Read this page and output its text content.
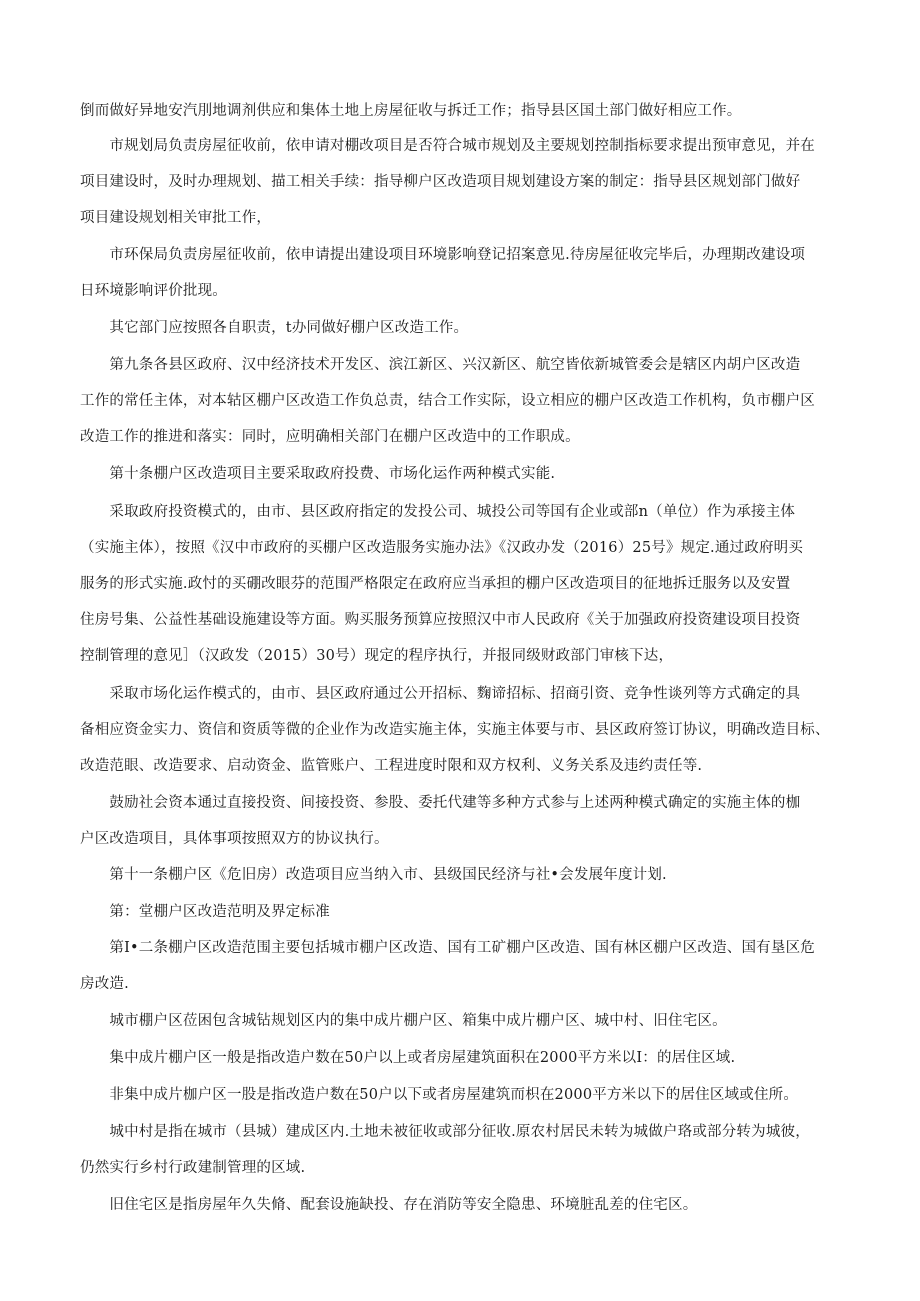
倒而做好异地安汽刖地调剂供应和集体土地上房屋征收与拆迁工作；指导县区国土部门做好相应工作。
　　市规划局负责房屋征收前，依申请对棚改项目是否符合城市规划及主要规划控制指标要求提出预审意见，并在
项目建设时，及时办理规划、描工相关手续：指导柳户区改造项目规划建设方案的制定：指导县区规划部门做好
项目建设规划相关审批工作，
　　市环保局负责房屋征收前，依申请提出建设项目环境影响登记招案意见.待房屋征收完毕后，办理期改建设项
日环境影响评价批现。
　　其它部门应按照各自职责，t办同做好棚户区改造工作。
　　第九条各县区政府、汉中经济技术开发区、滨江新区、兴汉新区、航空皆依新城管委会是辖区内胡户区改造
工作的常任主体，对本轱区棚户区改造工作负总责，结合工作实际，设立相应的棚户区改造工作机构，负市棚户区
改造工作的推进和落实：同时，应明确相关部门在棚户区改造中的工作职成。
　　第十条棚户区改造项目主要采取政府投费、市场化运作两种模式实能.
　　采取政府投资模式的，由市、县区政府指定的发投公司、城投公司等国有企业或部n（单位）作为承接主体
（实施主体），按照《汉中市政府的买棚户区改造服务实施办法》《汉政办发（2016）25号》规定.通过政府明买
服务的形式实施.政忖的买硼改眼芬的范围严格限定在政府应当承担的棚户区改造项目的征地拆迁服务以及安置
住房号集、公益性基础设施建设等方面。购买服务预算应按照汉中市人民政府《关于加强政府投资建设项目投资
控制管理的意见］（汉政发（2015）30号）现定的程序执行，并报同级财政部门审核下达，
　　采取市场化运作模式的，由市、县区政府通过公开招标、麴谛招标、招商引资、竞争性谈列等方式确定的具
备相应资金实力、资信和资质等微的企业作为改造实施主体，实施主体要与市、县区政府签订协议，明确改造目标、
改造范眼、改造要求、启动资金、监管账户、工程进度时限和双方权利、义务关系及违约责任等.
　　鼓励社会资本通过直接投资、间接投资、参股、委托代建等多种方式参与上述两种模式确定的实施主体的枷
户区改造项目，具体事项按照双方的协议执行。
　　第十一条棚户区《危旧房）改造项目应当纳入市、县级国民经济与社•会发展年度计划.
　　第：堂棚户区改造范明及界定标准
　　第I•二条棚户区改造范围主要包括城市棚户区改造、国有工矿棚户区改造、国有林区棚户区改造、国有垦区危
房改造.
　　城市棚户区莅困包含城钻规划区内的集中成片棚户区、箱集中成片棚户区、城中村、旧住宅区。
　　集中成片棚户区一般是指改造户数在50户以上或者房屋建筑面积在2000平方米以I：的居住区域.
　　非集中成片枷户区一股是指改造户数在50户以下或者房屋建筑而枳在2000平方米以下的居住区域或住所。
　　城中村是指在城市（县城）建成区内.土地未被征收或部分征收.原农村居民未转为城做户珞或部分转为城彼，
仍然实行乡村行政建制管理的区域.
　　旧住宅区是指房屋年久失脩、配套设施缺投、存在消防等安全隐患、环境脏乱差的住宅区。
